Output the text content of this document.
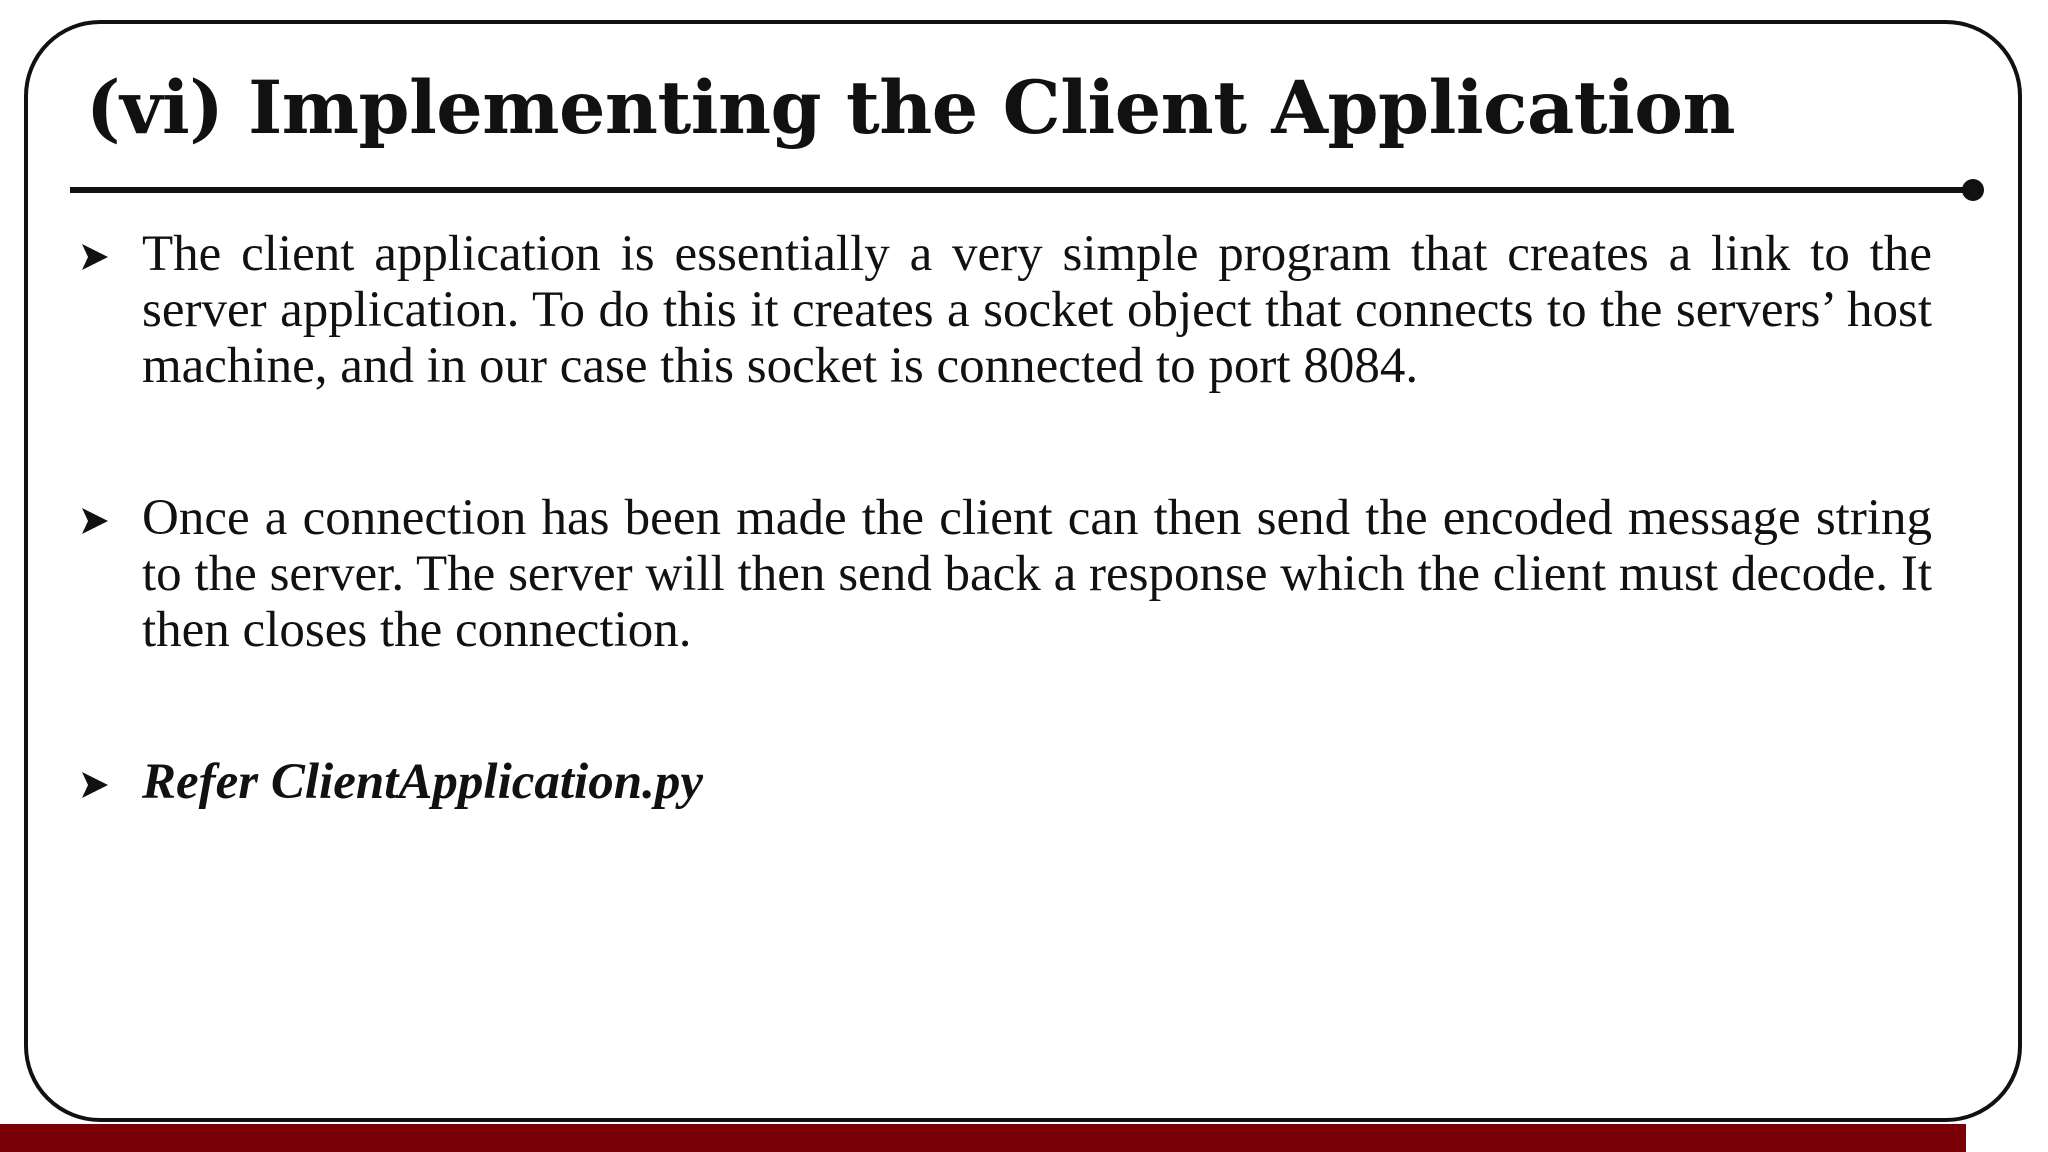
(vi) Implementing the Client Application
The client application is essentially a very simple program that creates a link to the server application. To do this it creates a socket object that connects to the servers’ host machine, and in our case this socket is connected to port 8084.
Once a connection has been made the client can then send the encoded message string to the server. The server will then send back a response which the client must decode. It then closes the connection.
Refer ClientApplication.py
